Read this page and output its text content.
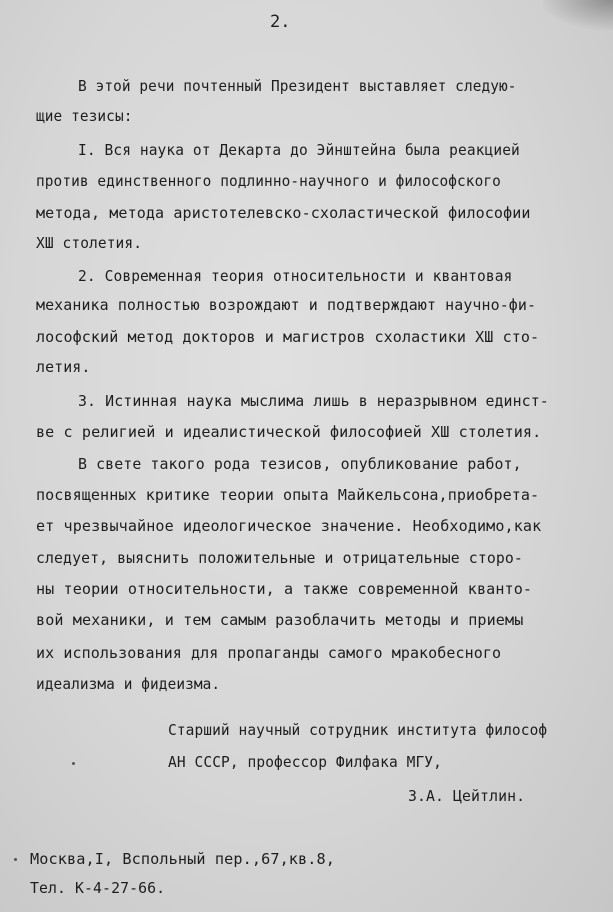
2.
В этой речи почтенный Президент выставляет следую-
щие тезисы:
I. Вся наука от Декарта до Эйнштейна была реакцией
против единственного подлинно-научного и философского
метода, метода аристотелевско-схоластической философии
XШ столетия.
2. Современная теория относительности и квантовая
механика полностью возрождают и подтверждают научно-фи-
лософский метод докторов и магистров схоластики XШ сто-
летия.
3. Истинная наука мыслима лишь в неразрывном единст-
ве с религией и идеалистической философией XШ столетия.
В свете такого рода тезисов, опубликование работ,
посвященных критике теории опыта Майкельсона,приобрета-
ет чрезвычайное идеологическое значение. Необходимо,как
следует, выяснить положительные и отрицательные сторо-
ны теории относительности, а также современной кванто-
вой механики, и тем самым разоблачить методы и приемы
их использования для пропаганды самого мракобесного
идеализма и фидеизма.
Старший научный сотрудник института философ
АН СССР, профессор Филфака МГУ,
З.А. Цейтлин.
Москва,I, Вспольный пер.,67,кв.8,
Тел. К-4-27-66.
